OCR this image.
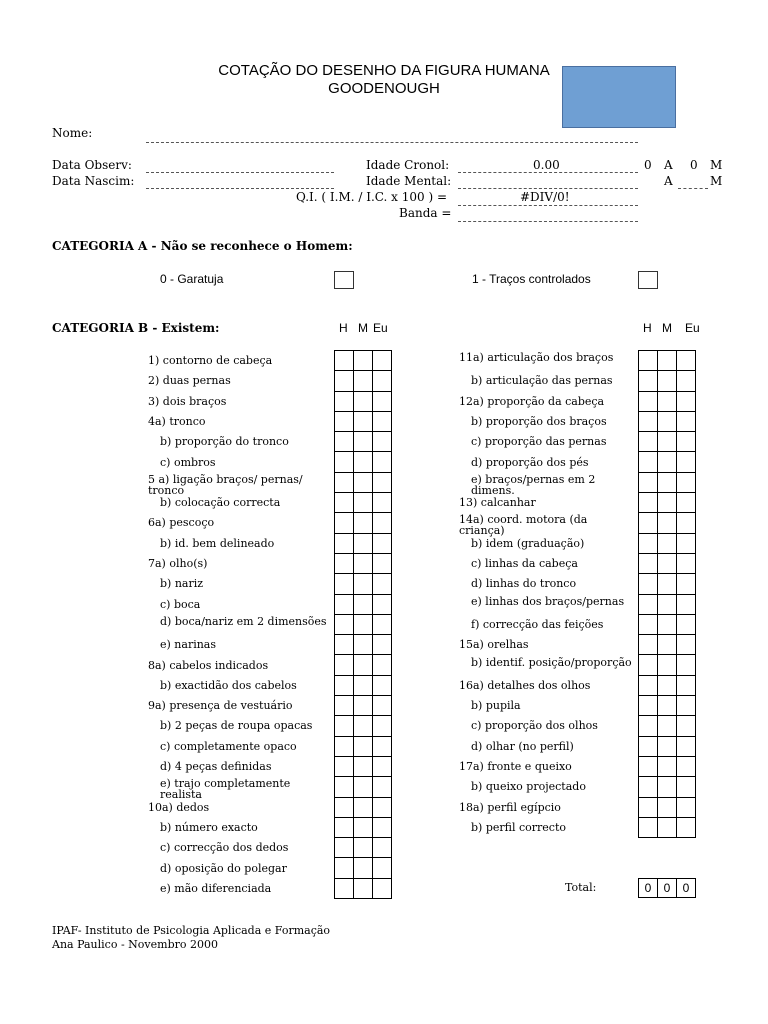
COTAÇÃO DO DESENHO DA FIGURA HUMANA
GOODENOUGH
Nome:
Data Observ:
Data Nascim:
Idade Cronol:	0.00	0 A 0 M
Idade Mental:	A	M
Q.I. ( I.M. / I.C. x 100 ) =	#DIV/0!
Banda =
CATEGORIA A - Não se reconhece o Homem:
0 - Garatuja	1 - Traços controlados
CATEGORIA B - Existem:	H M Eu	H M Eu
1) contorno de cabeça
2) duas pernas
3) dois braços
4a) tronco
b) proporção do tronco
c) ombros
5 a) ligação braços/ pernas/ tronco
b) colocação correcta
6a) pescoço
b) id. bem delineado
7a) olho(s)
b) nariz
c) boca
d) boca/nariz em 2 dimensões
e) narinas
8a) cabelos indicados
b) exactidão dos cabelos
9a) presença de vestuário
b) 2 peças de roupa opacas
c) completamente opaco
d) 4 peças definidas
e) trajo completamente realista
10a) dedos
b) número exacto
c) correcção dos dedos
d) oposição do polegar
e) mão diferenciada

11a) articulação dos braços
b) articulação das pernas
12a) proporção da cabeça
b) proporção dos braços
c) proporção das pernas
d) proporção dos pés
e) braços/pernas em 2 dimens.
13) calcanhar
14a) coord. motora (da criança)
b) idem (graduação)
c) linhas da cabeça
d) linhas do tronco
e) linhas dos braços/pernas
f) correcção das feições
15a) orelhas
b) identif. posição/proporção
16a) detalhes dos olhos
b) pupila
c) proporção dos olhos
d) olhar (no perfil)
17a) fronte e queixo
b) queixo projectado
18a) perfil egípcio
b) perfil correcto

Total:	0	0	0
IPAF- Instituto de Psicologia Aplicada e Formação
Ana Paulico - Novembro 2000
